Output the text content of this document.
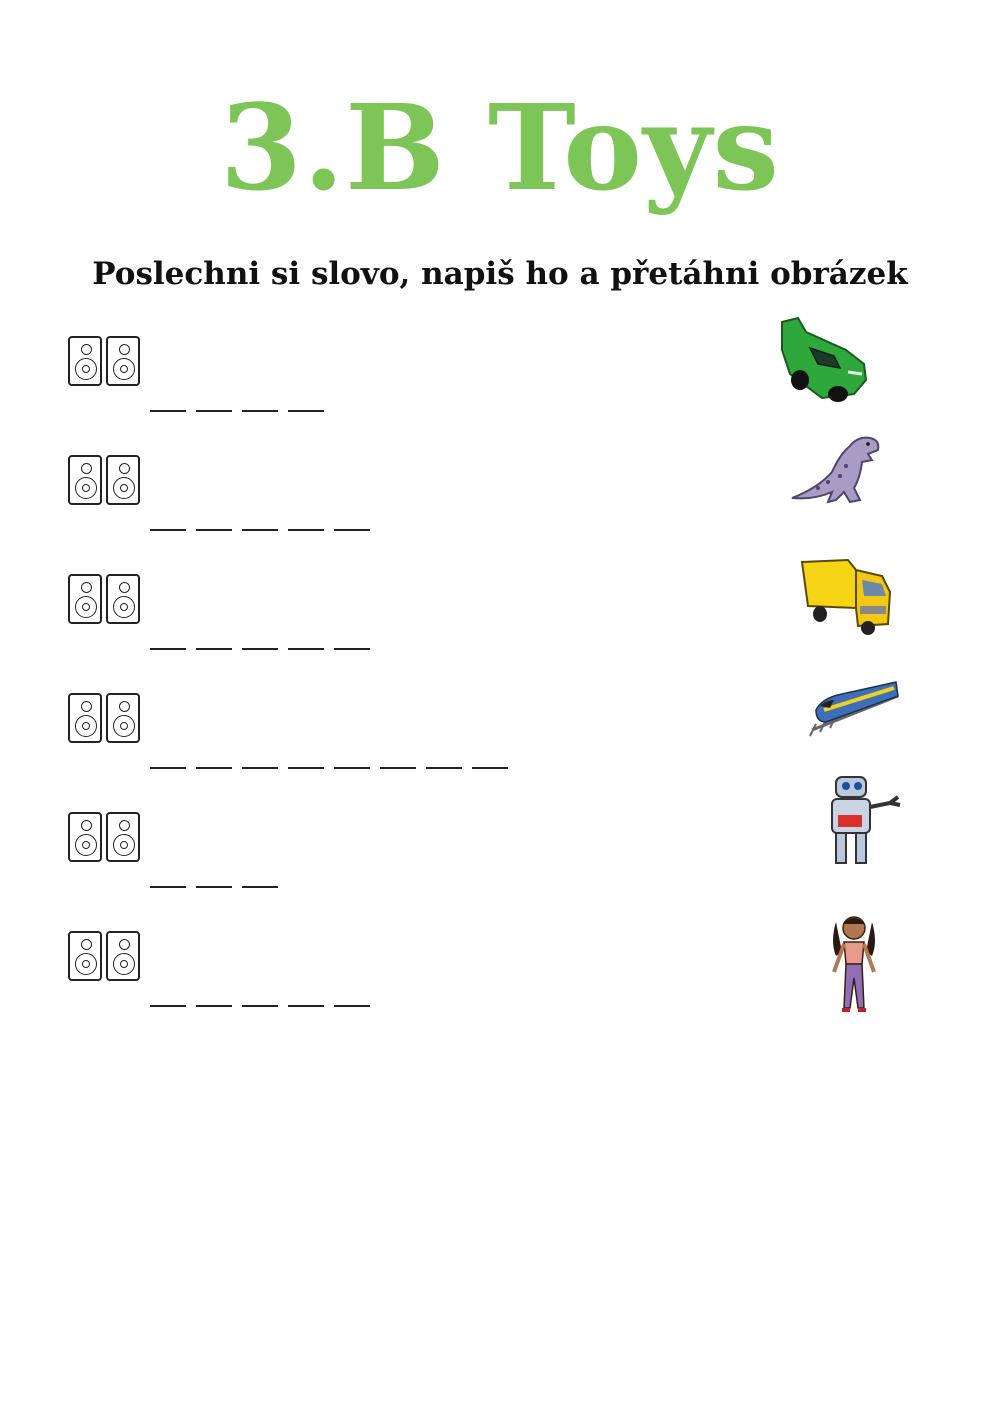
3.B Toys

Poslechni si slovo, napiš ho a přetáhni obrázek
